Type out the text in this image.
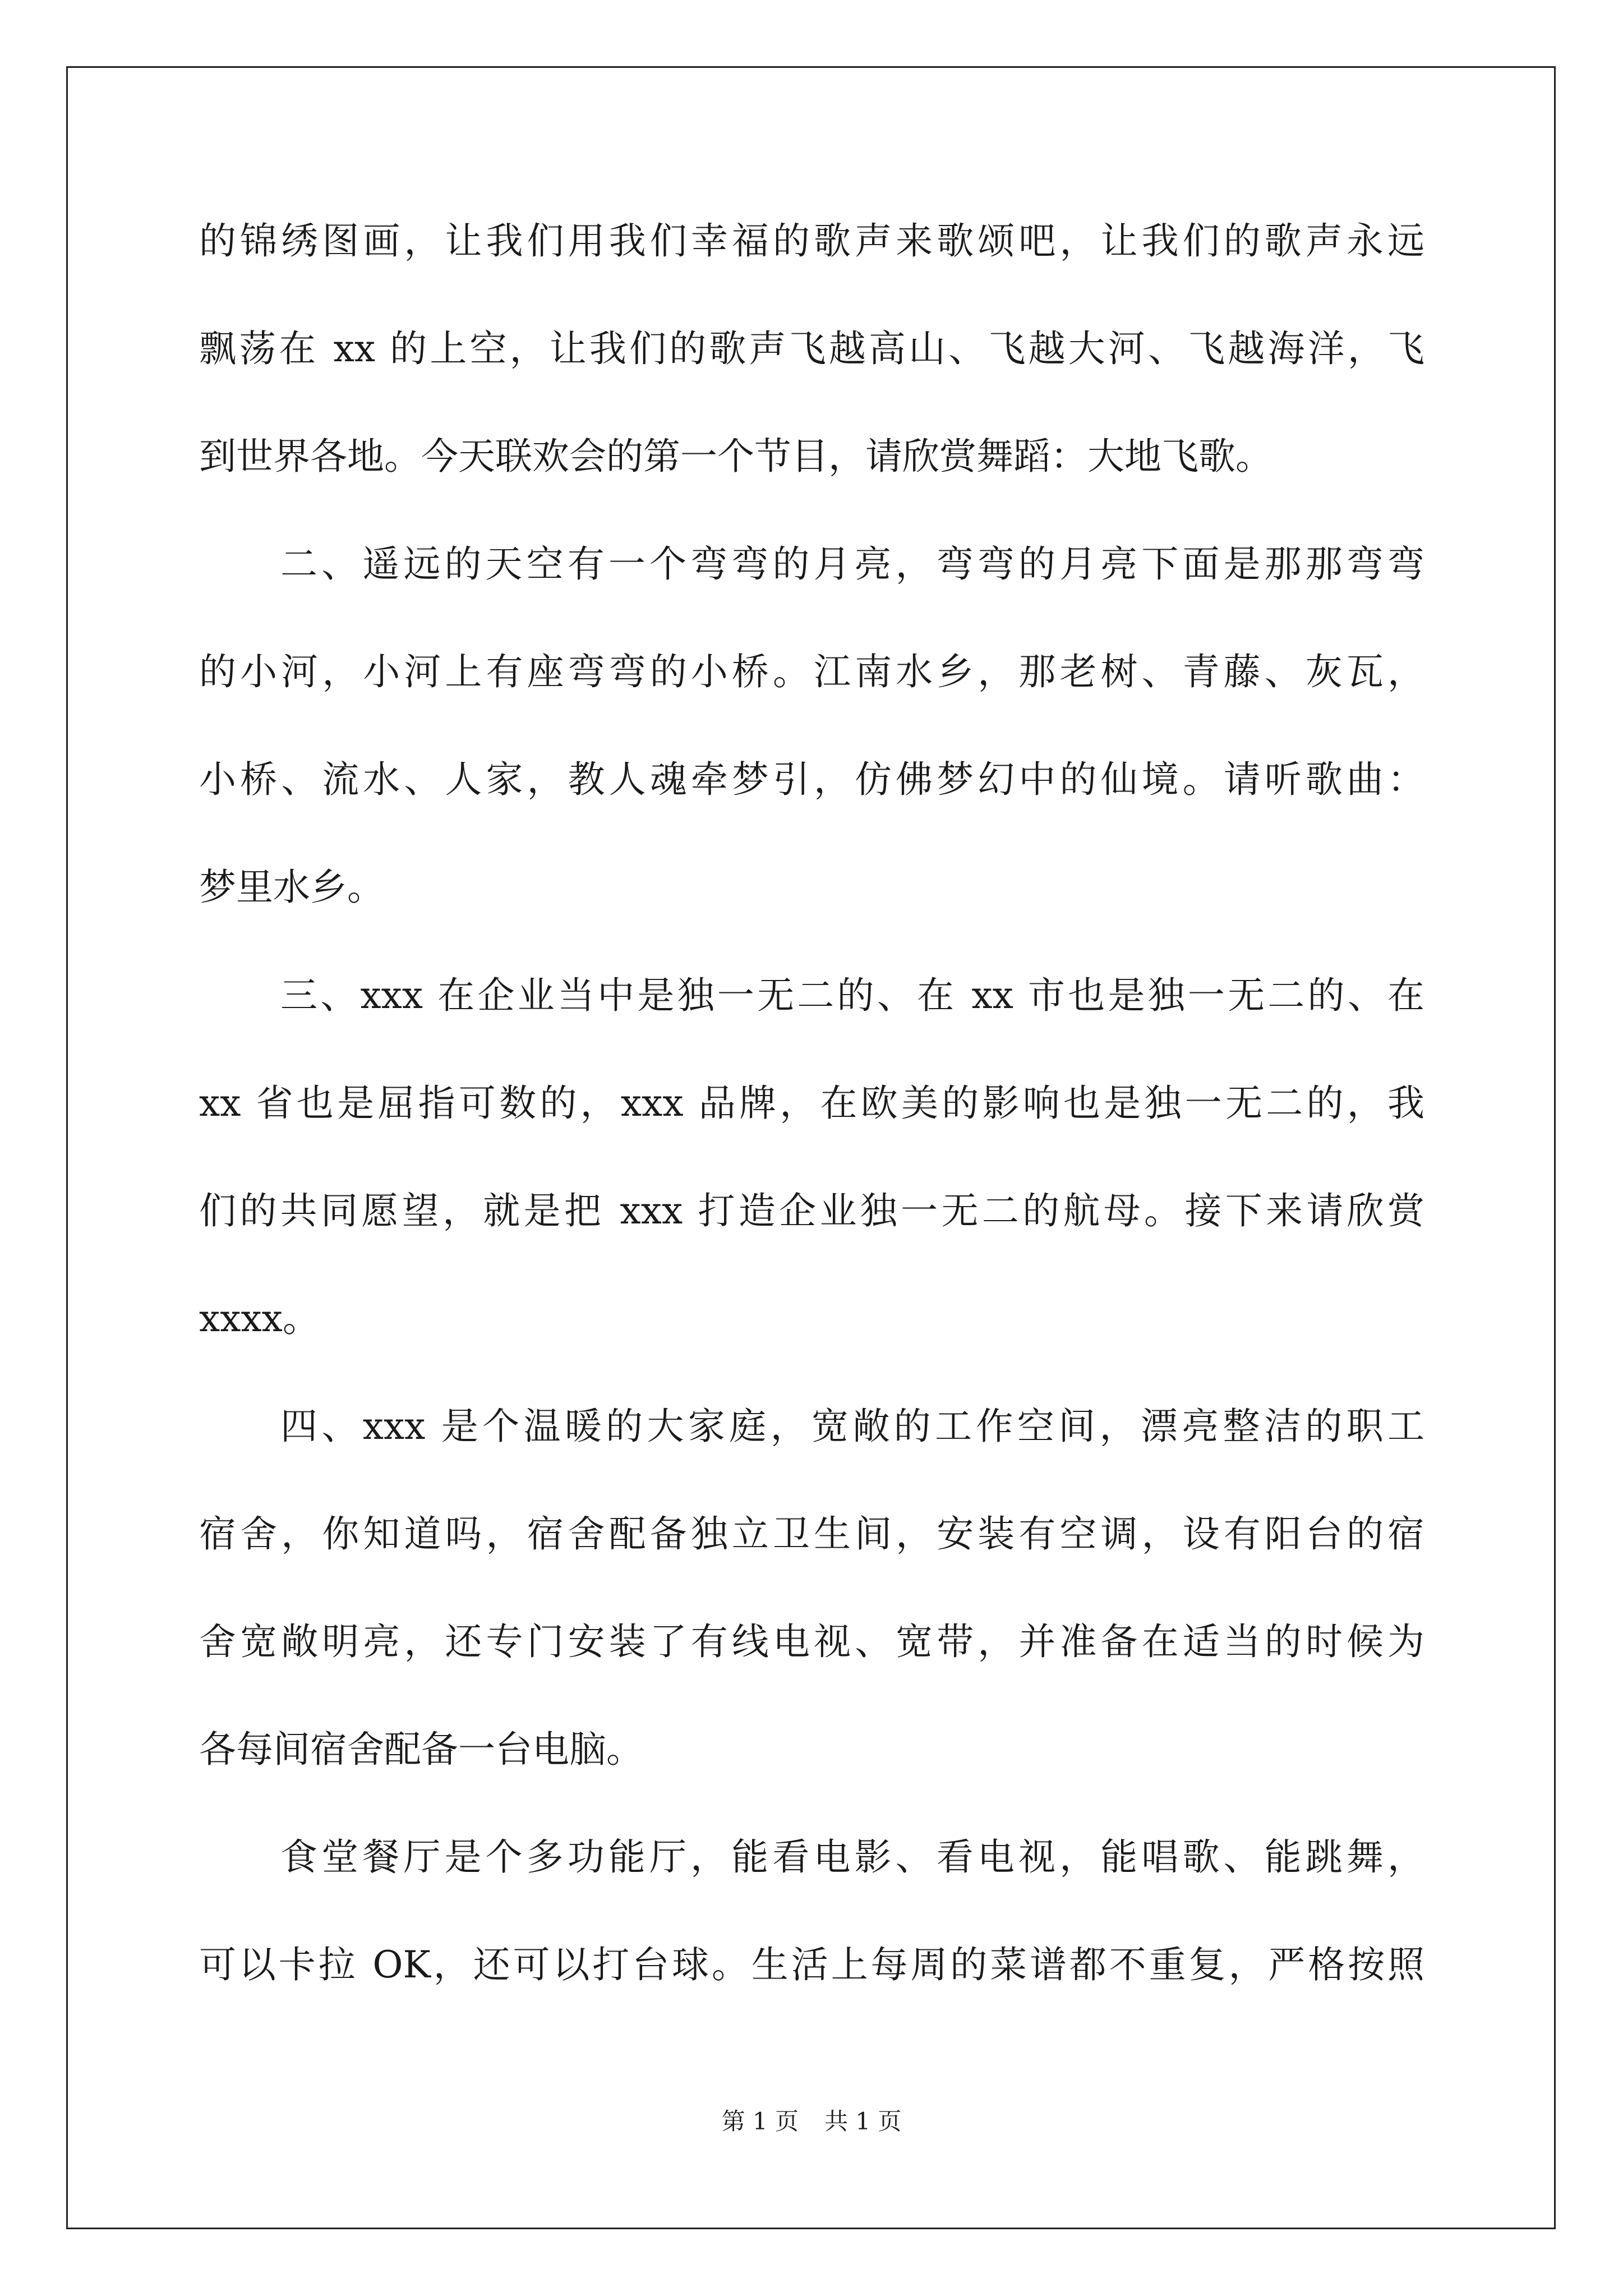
的锦绣图画，让我们用我们幸福的歌声来歌颂吧，让我们的歌声永远
飘荡在 xx 的上空，让我们的歌声飞越高山、飞越大河、飞越海洋，飞
到世界各地。今天联欢会的第一个节目，请欣赏舞蹈：大地飞歌。
二、遥远的天空有一个弯弯的月亮，弯弯的月亮下面是那那弯弯
的小河，小河上有座弯弯的小桥。江南水乡，那老树、青藤、灰瓦，
小桥、流水、人家，教人魂牵梦引，仿佛梦幻中的仙境。请听歌曲：
梦里水乡。
三、xxx 在企业当中是独一无二的、在 xx 市也是独一无二的、在
xx 省也是屈指可数的，xxx 品牌，在欧美的影响也是独一无二的，我
们的共同愿望，就是把 xxx 打造企业独一无二的航母。接下来请欣赏
xxxx。
四、xxx 是个温暖的大家庭，宽敞的工作空间，漂亮整洁的职工
宿舍，你知道吗，宿舍配备独立卫生间，安装有空调，设有阳台的宿
舍宽敞明亮，还专门安装了有线电视、宽带，并准备在适当的时候为
各每间宿舍配备一台电脑。
食堂餐厅是个多功能厅，能看电影、看电视，能唱歌、能跳舞，
可以卡拉 OK，还可以打台球。生活上每周的菜谱都不重复，严格按照
第 1 页 共 1 页
